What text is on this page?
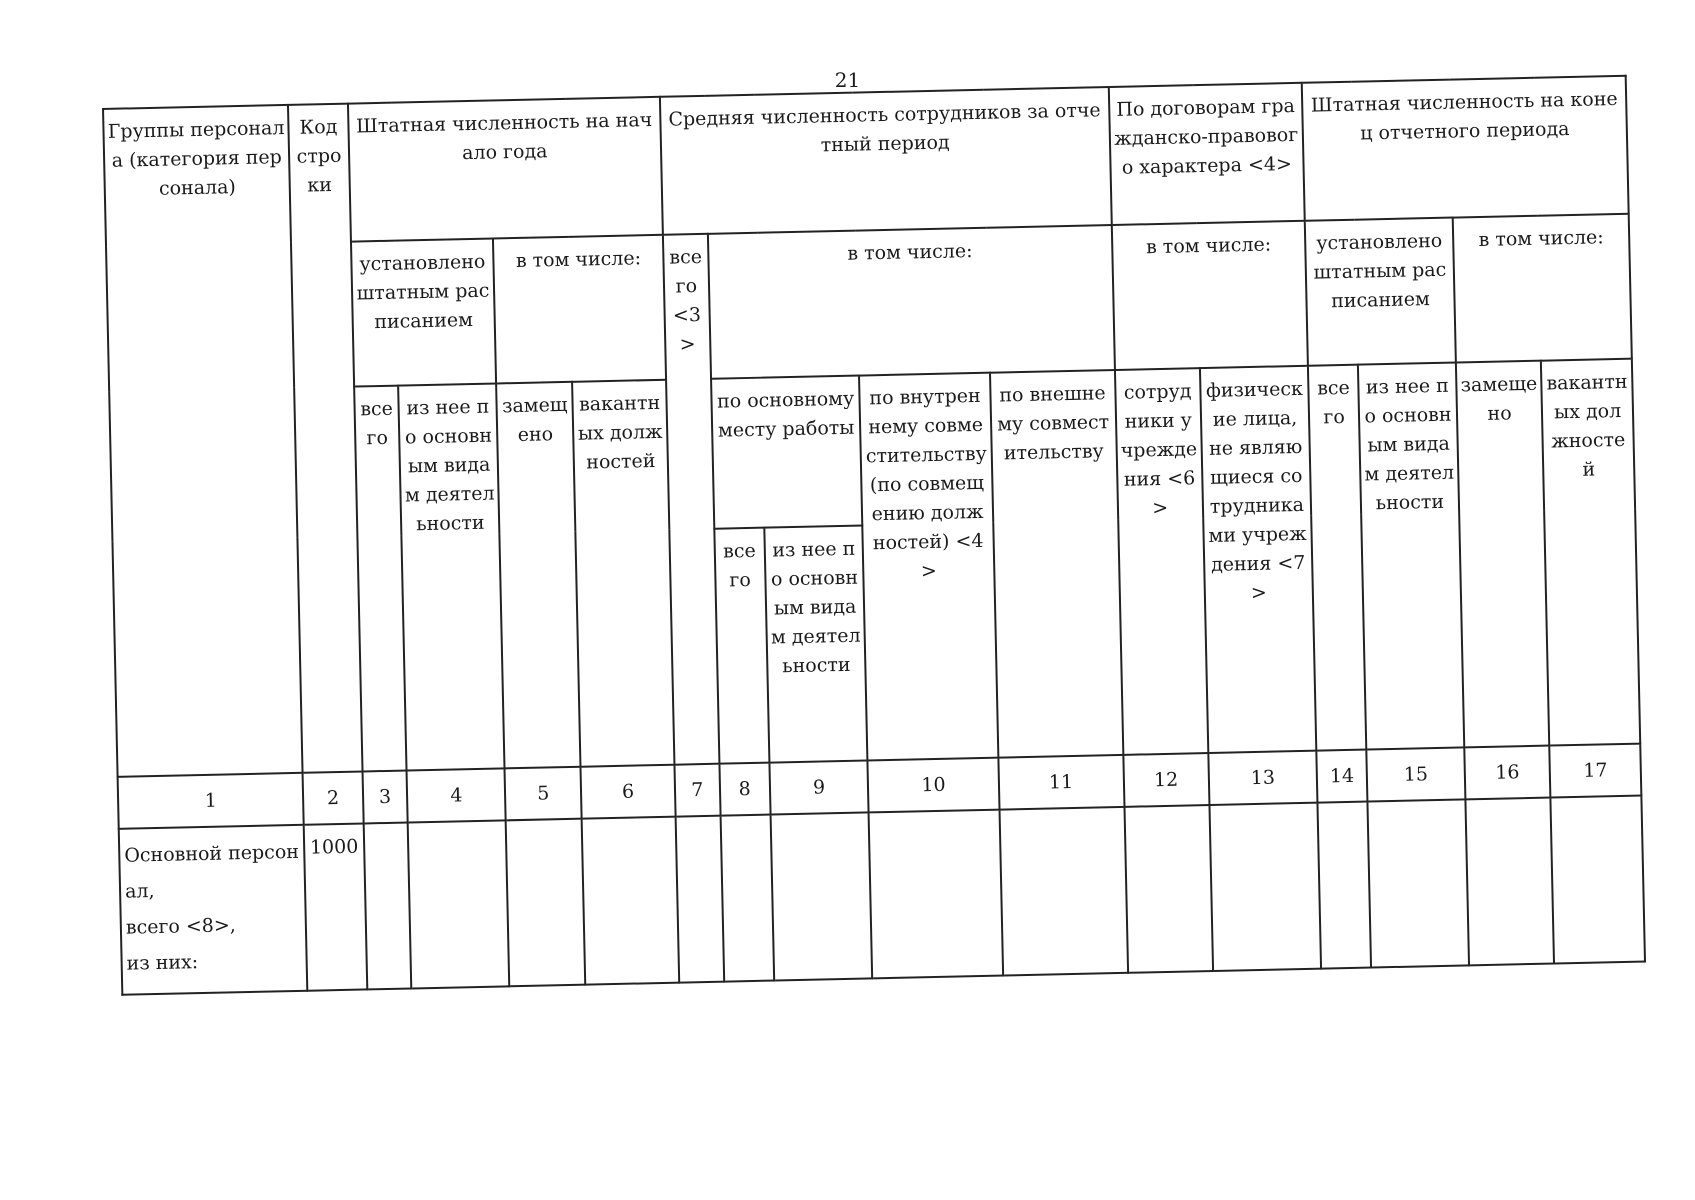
21
Группы персонала (категория персонала)	Код строки	Штатная численность на начало года				Средняя численность сотрудников за отчетный период					По договорам гражданско-правового характера <4>		Штатная численность на конец отчетного периода			
		установлено штатным расписанием		в том числе:		всего <3>	в том числе:				в том числе:		установлено штатным расписанием		в том числе:	
		всего	из нее по основным видам деятельности	замещено	вакантных должностей		по основному месту работы		по внутреннему совместительству (по совмещению должностей) <4>	по внешнему совместительству	сотрудники учреждения <6>	физические лица, не являющиеся сотрудниками учреждения <7>	всего	из нее по основным видам деятельности	замещено	вакантных должностей
							всего	из нее по основным видам деятельности								
1	2	3	4	5	6	7	8	9	10	11	12	13	14	15	16	17

Основной персонал,
всего <8>,
из них:	1000															
